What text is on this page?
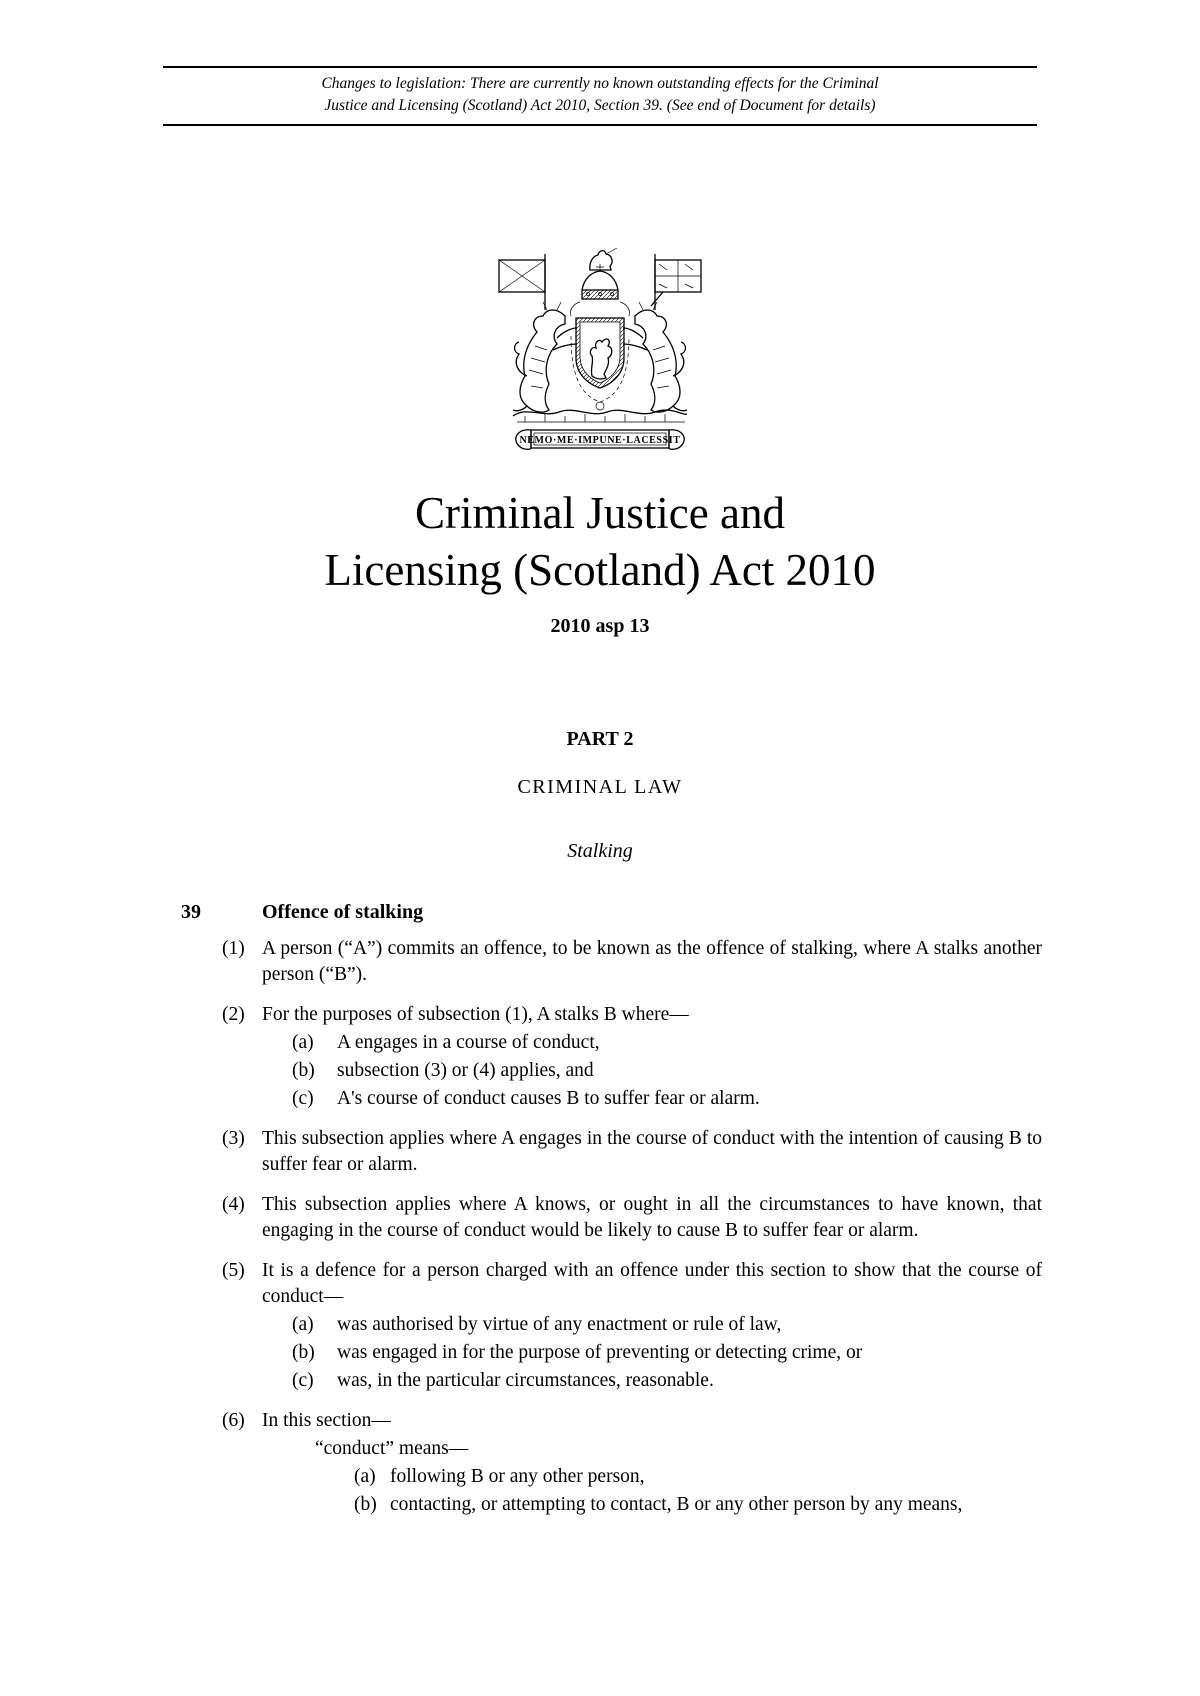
Changes to legislation: There are currently no known outstanding effects for the Criminal
Justice and Licensing (Scotland) Act 2010, Section 39. (See end of Document for details)
NEMO·ME·IMPUNE·LACESSIT
Criminal Justice and
Licensing (Scotland) Act 2010
2010 asp 13
PART 2
CRIMINAL LAW
Stalking
39	Offence of stalking
(1) A person (“A”) commits an offence, to be known as the offence of stalking, where A stalks another person (“B”).
(2) For the purposes of subsection (1), A stalks B where—
(a) A engages in a course of conduct,
(b) subsection (3) or (4) applies, and
(c) A's course of conduct causes B to suffer fear or alarm.
(3) This subsection applies where A engages in the course of conduct with the intention of causing B to suffer fear or alarm.
(4) This subsection applies where A knows, or ought in all the circumstances to have known, that engaging in the course of conduct would be likely to cause B to suffer fear or alarm.
(5) It is a defence for a person charged with an offence under this section to show that the course of conduct—
(a) was authorised by virtue of any enactment or rule of law,
(b) was engaged in for the purpose of preventing or detecting crime, or
(c) was, in the particular circumstances, reasonable.
(6) In this section—
“conduct” means—
(a) following B or any other person,
(b) contacting, or attempting to contact, B or any other person by any means,
